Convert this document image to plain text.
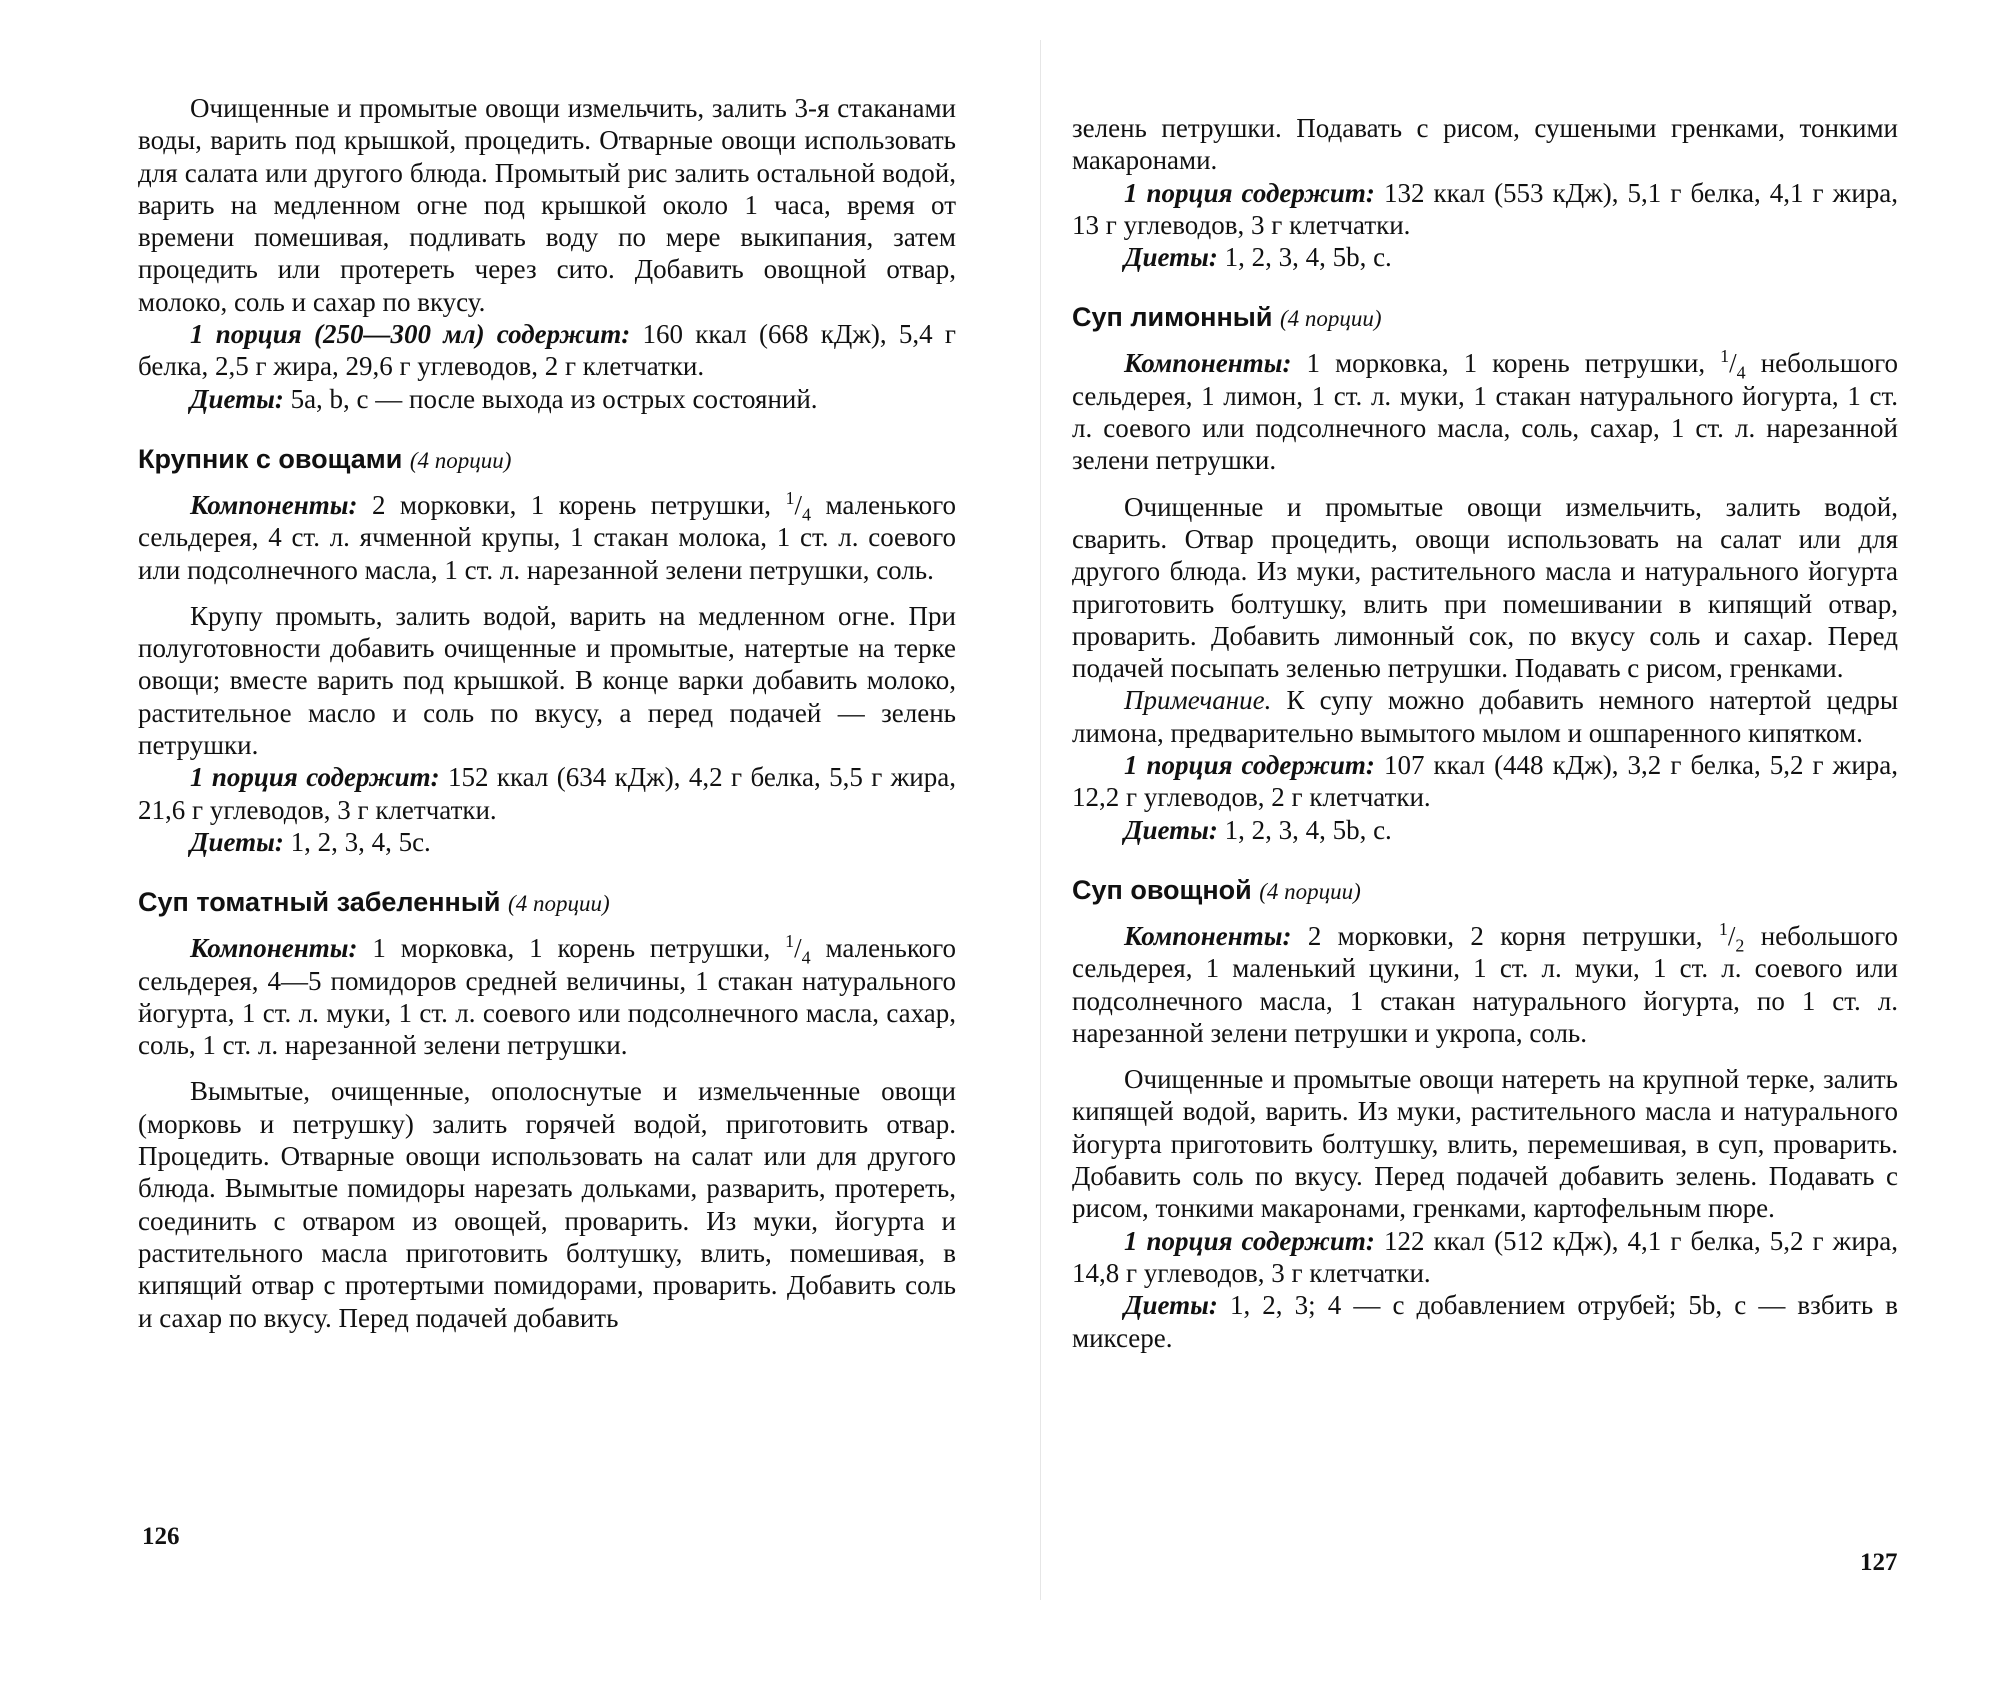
Очищенные и промытые овощи измельчить, залить 3-я стаканами воды, варить под крышкой, процедить. Отварные овощи использовать для салата или другого блюда. Промытый рис залить остальной водой, варить на медленном огне под крышкой около 1 часа, время от времени помешивая, подливать воду по мере выкипания, затем процедить или протереть через сито. Добавить овощной отвар, молоко, соль и сахар по вкусу.

1 порция (250—300 мл) содержит: 160 ккал (668 кДж), 5,4 г белка, 2,5 г жира, 29,6 г углеводов, 2 г клетчатки.

Диеты: 5а, b, с — после выхода из острых состояний.

Крупник с овощами (4 порции)

Компоненты: 2 морковки, 1 корень петрушки, $^1/_4$ маленького сельдерея, 4 ст. л. ячменной крупы, 1 стакан молока, 1 ст. л. соевого или подсолнечного масла, 1 ст. л. нарезанной зелени петрушки, соль.

Крупу промыть, залить водой, варить на медленном огне. При полуготовности добавить очищенные и промытые, натертые на терке овощи; вместе варить под крышкой. В конце варки добавить молоко, растительное масло и соль по вкусу, а перед подачей — зелень петрушки.

1 порция содержит: 152 ккал (634 кДж), 4,2 г белка, 5,5 г жира, 21,6 г углеводов, 3 г клетчатки.

Диеты: 1, 2, 3, 4, 5с.

Суп томатный забеленный (4 порции)

Компоненты: 1 морковка, 1 корень петрушки, $^1/_4$ маленького сельдерея, 4—5 помидоров средней величины, 1 стакан натурального йогурта, 1 ст. л. муки, 1 ст. л. соевого или подсолнечного масла, сахар, соль, 1 ст. л. нарезанной зелени петрушки.

Вымытые, очищенные, ополоснутые и измельченные овощи (морковь и петрушку) залить горячей водой, приготовить отвар. Процедить. Отварные овощи использовать на салат или для другого блюда. Вымытые помидоры нарезать дольками, разварить, протереть, соединить с отваром из овощей, проварить. Из муки, йогурта и растительного масла приготовить болтушку, влить, помешивая, в кипящий отвар с протертыми помидорами, проварить. Добавить соль и сахар по вкусу. Перед подачей добавить

126

зелень петрушки. Подавать с рисом, сушеными гренками, тонкими макаронами.

1 порция содержит: 132 ккал (553 кДж), 5,1 г белка, 4,1 г жира, 13 г углеводов, 3 г клетчатки.

Диеты: 1, 2, 3, 4, 5b, с.

Суп лимонный (4 порции)

Компоненты: 1 морковка, 1 корень петрушки, $^1/_4$ небольшого сельдерея, 1 лимон, 1 ст. л. муки, 1 стакан натурального йогурта, 1 ст. л. соевого или подсолнечного масла, соль, сахар, 1 ст. л. нарезанной зелени петрушки.

Очищенные и промытые овощи измельчить, залить водой, сварить. Отвар процедить, овощи использовать на салат или для другого блюда. Из муки, растительного масла и натурального йогурта приготовить болтушку, влить при помешивании в кипящий отвар, проварить. Добавить лимонный сок, по вкусу соль и сахар. Перед подачей посыпать зеленью петрушки. Подавать с рисом, гренками.

Примечание. К супу можно добавить немного натертой цедры лимона, предварительно вымытого мылом и ошпаренного кипятком.

1 порция содержит: 107 ккал (448 кДж), 3,2 г белка, 5,2 г жира, 12,2 г углеводов, 2 г клетчатки.

Диеты: 1, 2, 3, 4, 5b, с.

Суп овощной (4 порции)

Компоненты: 2 морковки, 2 корня петрушки, $^1/_2$ небольшого сельдерея, 1 маленький цукини, 1 ст. л. муки, 1 ст. л. соевого или подсолнечного масла, 1 стакан натурального йогурта, по 1 ст. л. нарезанной зелени петрушки и укропа, соль.

Очищенные и промытые овощи натереть на крупной терке, залить кипящей водой, варить. Из муки, растительного масла и натурального йогурта приготовить болтушку, влить, перемешивая, в суп, проварить. Добавить соль по вкусу. Перед подачей добавить зелень. Подавать с рисом, тонкими макаронами, гренками, картофельным пюре.

1 порция содержит: 122 ккал (512 кДж), 4,1 г белка, 5,2 г жира, 14,8 г углеводов, 3 г клетчатки.

Диеты: 1, 2, 3; 4 — с добавлением отрубей; 5b, с — взбить в миксере.

127
